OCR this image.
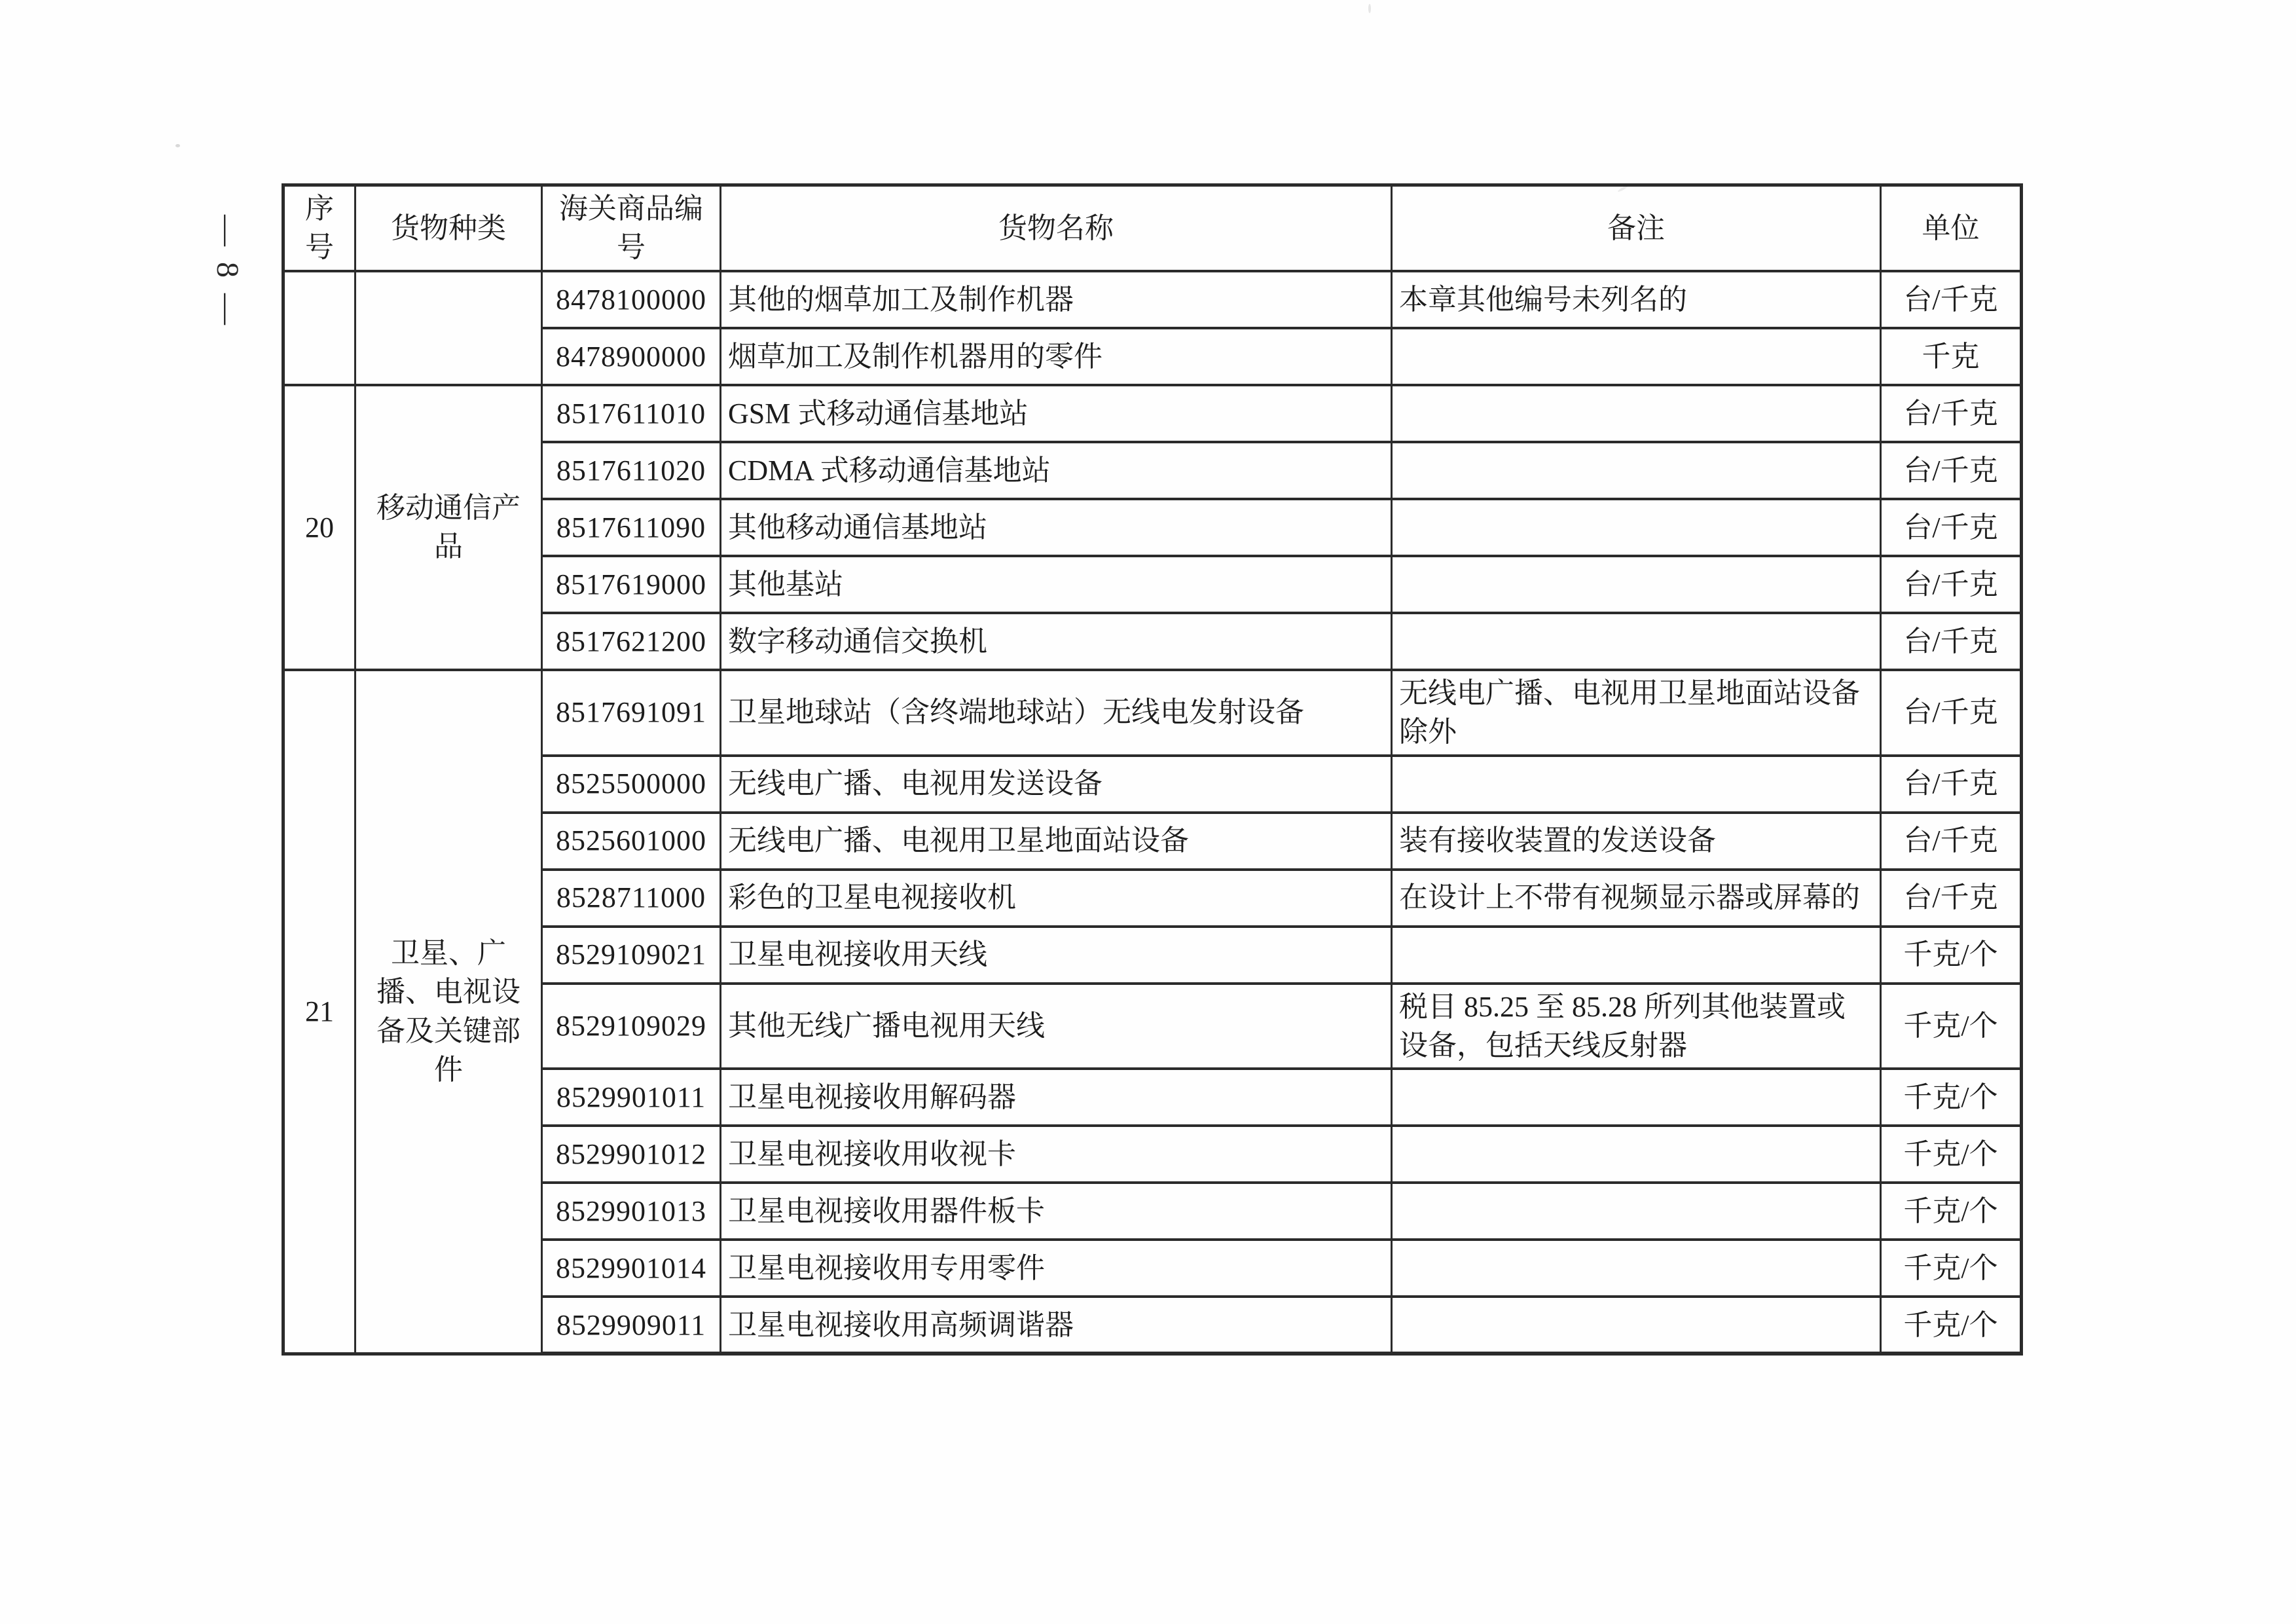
— 8 —
序号	货物种类	海关商品编号	货物名称	备注	单位
		8478100000	其他的烟草加工及制作机器	本章其他编号未列名的	台/千克
		8478900000	烟草加工及制作机器用的零件		千克
20	移动通信产品	8517611010	GSM 式移动通信基地站		台/千克
		8517611020	CDMA 式移动通信基地站		台/千克
		8517611090	其他移动通信基地站		台/千克
		8517619000	其他基站		台/千克
		8517621200	数字移动通信交换机		台/千克
21	卫星、广播、电视设备及关键部件	8517691091	卫星地球站（含终端地球站）无线电发射设备	无线电广播、电视用卫星地面站设备除外	台/千克
		8525500000	无线电广播、电视用发送设备		台/千克
		8525601000	无线电广播、电视用卫星地面站设备	装有接收装置的发送设备	台/千克
		8528711000	彩色的卫星电视接收机	在设计上不带有视频显示器或屏幕的	台/千克
		8529109021	卫星电视接收用天线		千克/个
		8529109029	其他无线广播电视用天线	税目 85.25 至 85.28 所列其他装置或设备，包括天线反射器	千克/个
		8529901011	卫星电视接收用解码器		千克/个
		8529901012	卫星电视接收用收视卡		千克/个
		8529901013	卫星电视接收用器件板卡		千克/个
		8529901014	卫星电视接收用专用零件		千克/个
		8529909011	卫星电视接收用高频调谐器		千克/个
